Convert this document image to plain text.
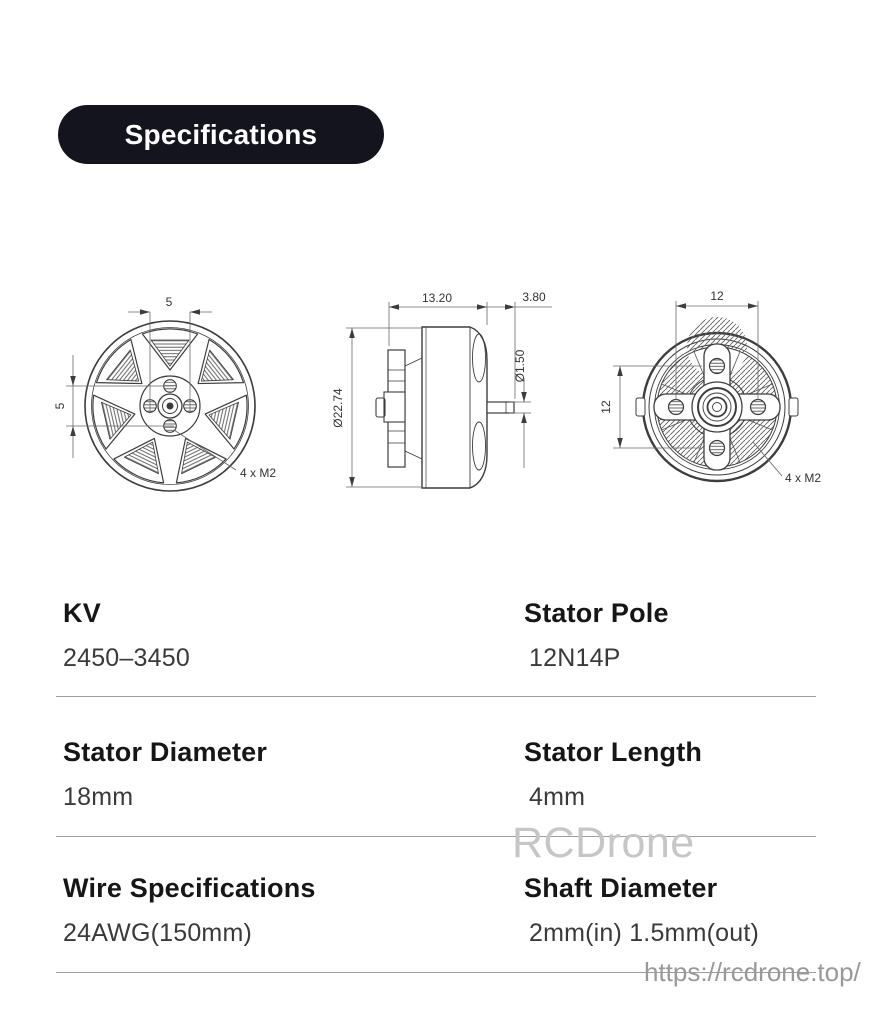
Specifications
5
5
4 x M2
13.20	3.80
Ø22.74
Ø1.50
12
12
4 x M2
KV
2450–3450
Stator Pole
12N14P
Stator Diameter
18mm
Stator Length
4mm
Wire Specifications
24AWG(150mm)
Shaft Diameter
2mm(in) 1.5mm(out)
RCDrone
https://rcdrone.top/
